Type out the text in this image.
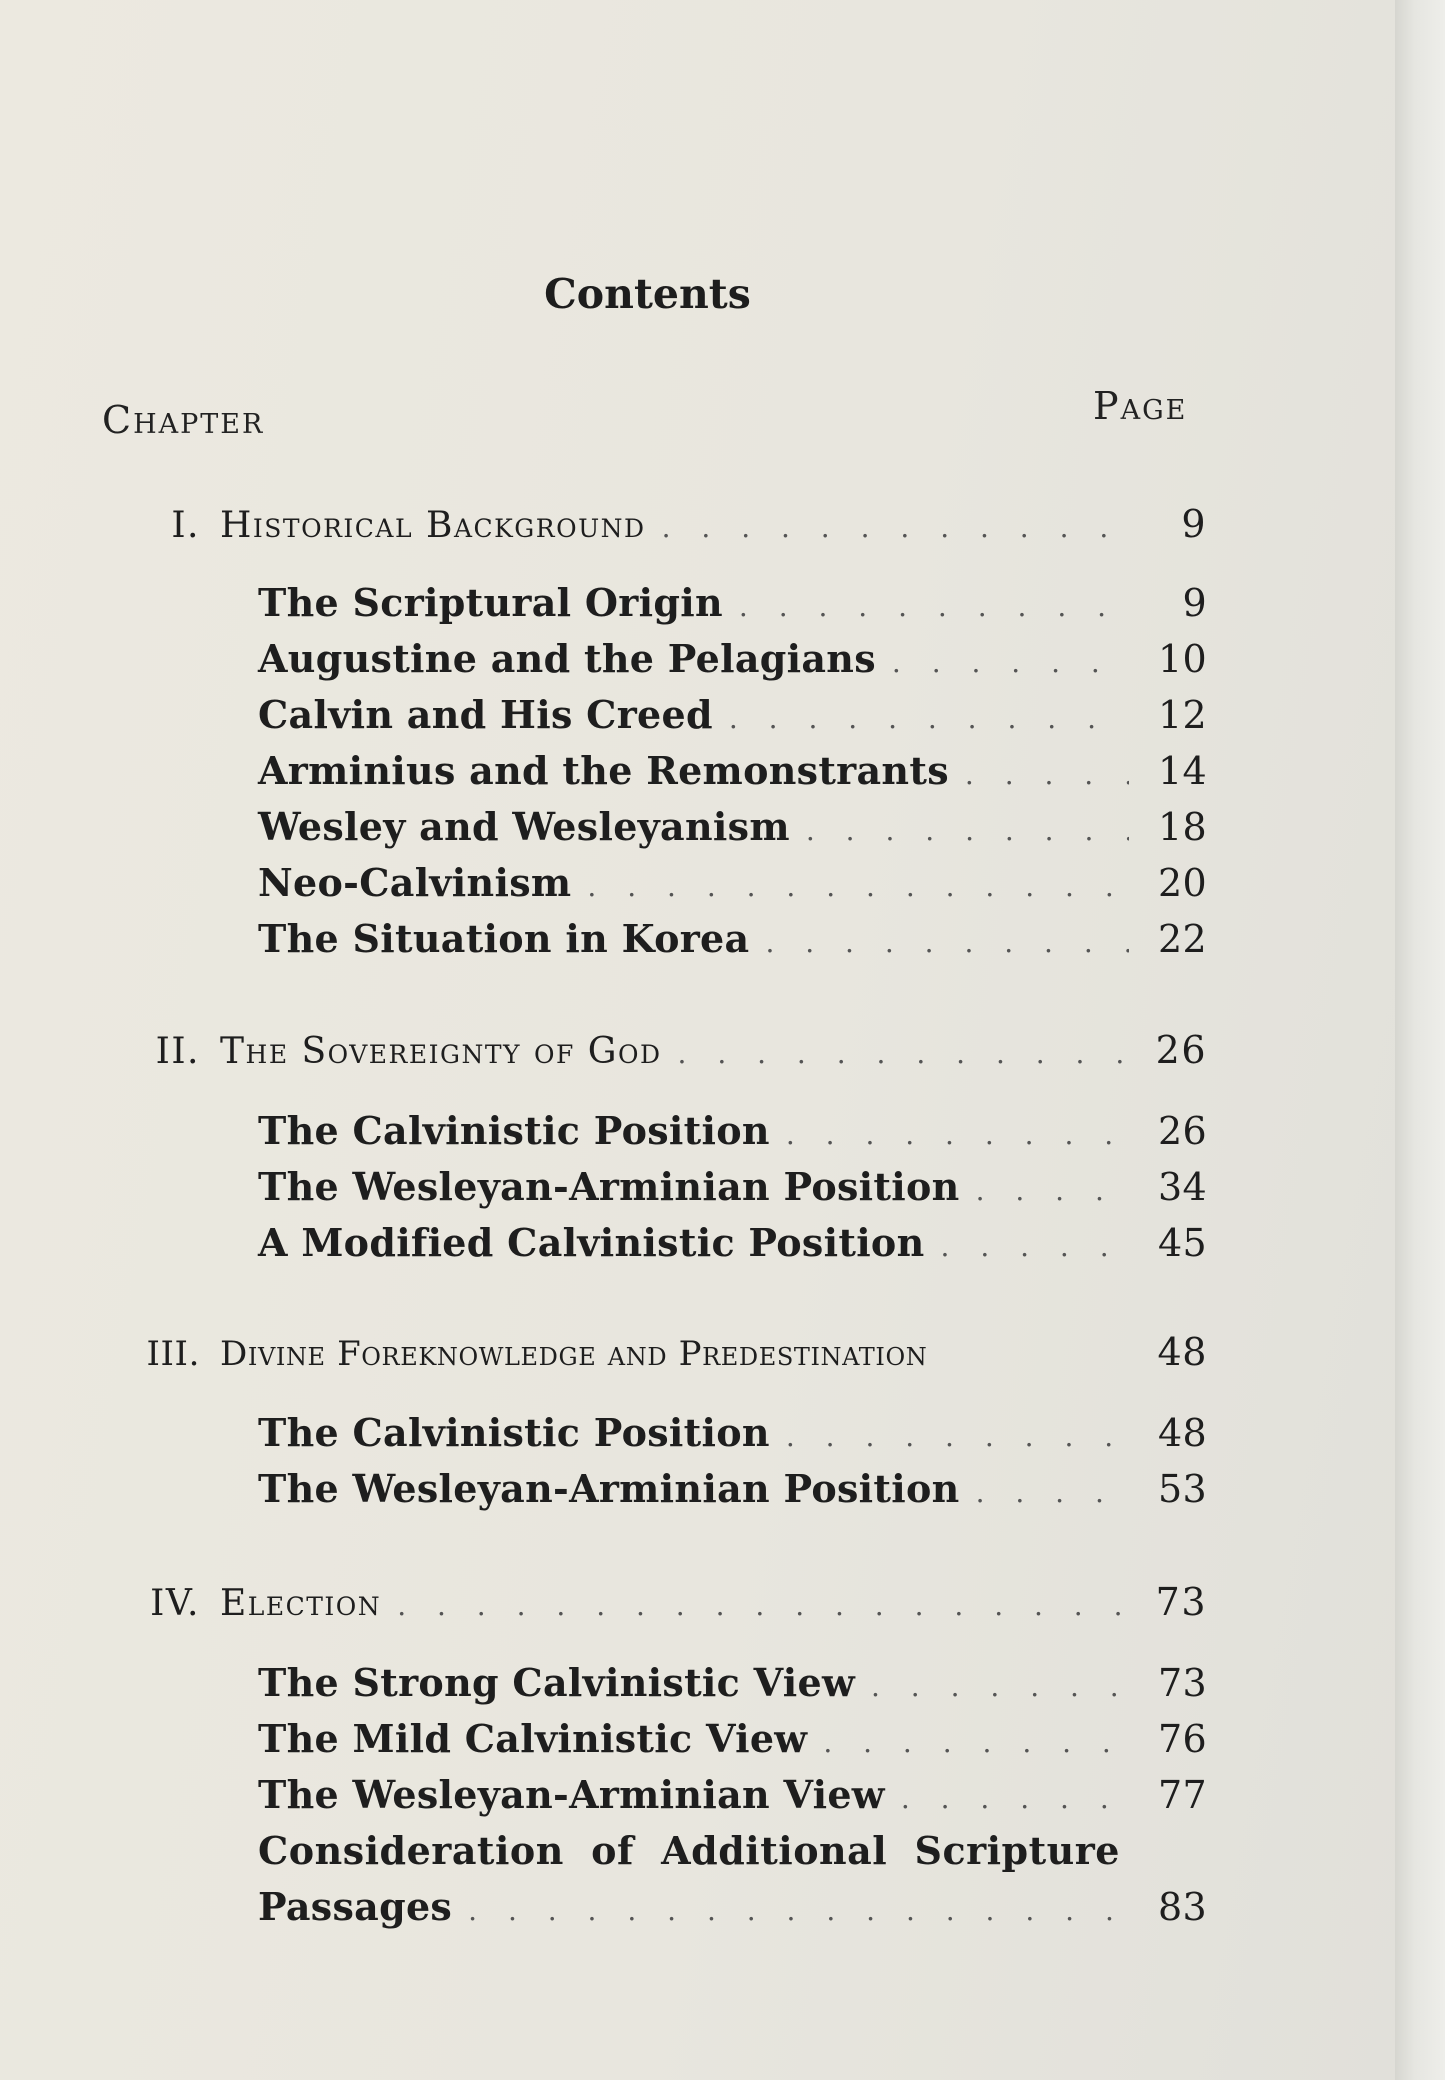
Contents
Chapter	Page
I. Historical Background . . .	9
The Scriptural Origin . . .	9
Augustine and the Pelagians . . .	10
Calvin and His Creed . . .	12
Arminius and the Remonstrants . . .	14
Wesley and Wesleyanism . . .	18
Neo-Calvinism . . .	20
The Situation in Korea . . .	22
II. The Sovereignty of God . . .	26
The Calvinistic Position . . .	26
The Wesleyan-Arminian Position . . .	34
A Modified Calvinistic Position . . .	45
III. Divine Foreknowledge and Predestination	48
The Calvinistic Position . . .	48
The Wesleyan-Arminian Position . . .	53
IV. Election . . .	73
The Strong Calvinistic View . . .	73
The Mild Calvinistic View . . .	76
The Wesleyan-Arminian View . . .	77
Consideration of Additional Scripture
Passages . . .	83
